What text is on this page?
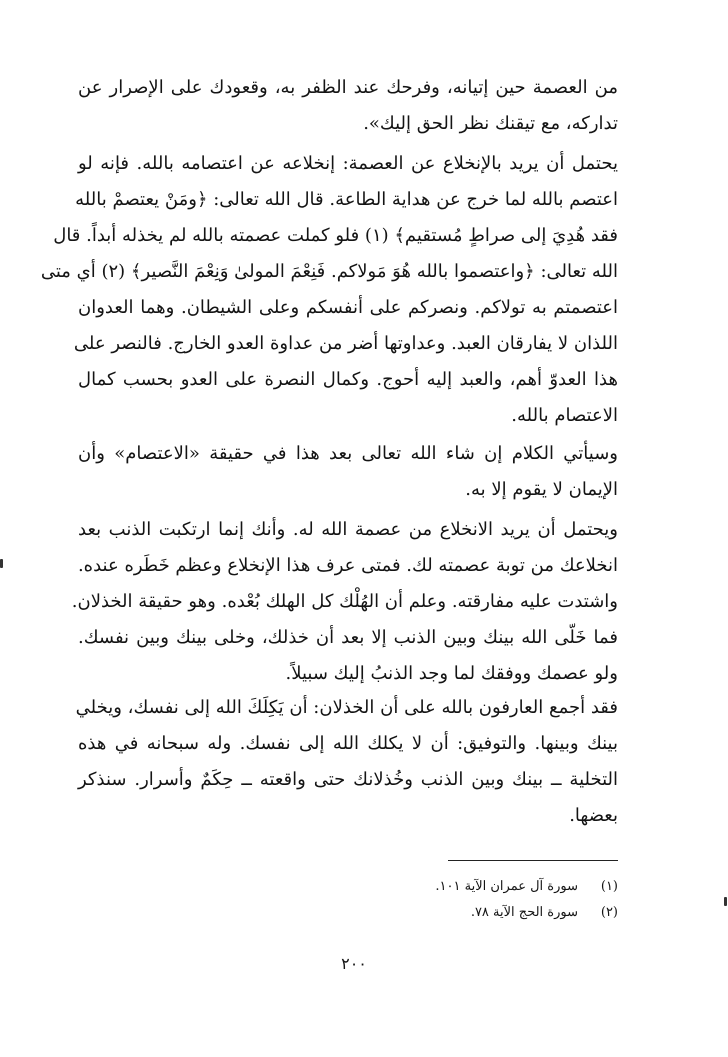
من العصمة حين إتيانه، وفرحك عند الظفر به، وقعودك على الإصرار عن
تداركه، مع تيقنك نظر الحق إليك».
يحتمل أن يريد بالإنخلاع عن العصمة: إنخلاعه عن اعتصامه بالله. فإنه لو
اعتصم بالله لما خرج عن هداية الطاعة. قال الله تعالى: ﴿ومَنْ يعتصمْ بالله
فقد هُدِيَ إلى صراطٍ مُستقيم﴾ (١) فلو كملت عصمته بالله لم يخذله أبداً. قال
الله تعالى: ﴿واعتصموا بالله هُوَ مَولاكم. فَنِعْمَ المولىٰ وَنِعْمَ النَّصير﴾ (٢) أي متى
اعتصمتم به تولاكم. ونصركم على أنفسكم وعلى الشيطان. وهما العدوان
اللذان لا يفارقان العبد. وعداوتها أضر من عداوة العدو الخارج. فالنصر على
هذا العدوّ أهم، والعبد إليه أحوج. وكمال النصرة على العدو بحسب كمال
الاعتصام بالله.
وسيأتي الكلام إن شاء الله تعالى بعد هذا في حقيقة «الاعتصام» وأن
الإيمان لا يقوم إلا به.
ويحتمل أن يريد الانخلاع من عصمة الله له. وأنك إنما ارتكبت الذنب بعد
انخلاعك من توبة عصمته لك. فمتى عرف هذا الإنخلاع وعظم خَطَره عنده.
واشتدت عليه مفارقته. وعلم أن الهُلْك كل الهلك بُعْده. وهو حقيقة الخذلان.
فما خَلّى الله بينك وبين الذنب إلا بعد أن خذلك، وخلى بينك وبين نفسك.
ولو عصمك ووفقك لما وجد الذنبُ إليك سبيلاً.
فقد أجمع العارفون بالله على أن الخذلان: أن يَكِلَكَ الله إلى نفسك، ويخلي
بينك وبينها. والتوفيق: أن لا يكلك الله إلى نفسك. وله سبحانه في هذه
التخلية ــ بينك وبين الذنب وخُذلانك حتى واقعته ــ حِكَمٌ وأسرار. سنذكر
بعضها.
(١)
سورة آل عمران الآية ١٠١.
(٢)
سورة الحج الآية ٧٨.
٢٠٠
